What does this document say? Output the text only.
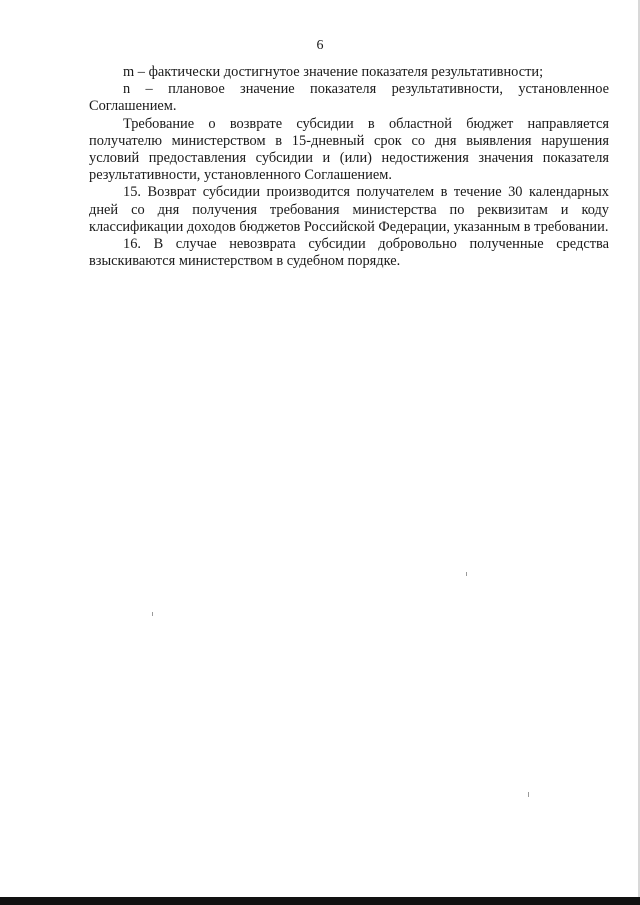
6

m – фактически достигнутое значение показателя результативности;

n – плановое значение показателя результативности, установленное Соглашением.

Требование о возврате субсидии в областной бюджет направляется получателю министерством в 15-дневный срок со дня выявления нарушения условий предоставления субсидии и (или) недостижения значения показателя результативности, установленного Соглашением.

15. Возврат субсидии производится получателем в течение 30 календарных дней со дня получения требования министерства по реквизитам и коду классификации доходов бюджетов Российской Федерации, указанным в требовании.

16. В случае невозврата субсидии добровольно полученные средства взыскиваются министерством в судебном порядке.
